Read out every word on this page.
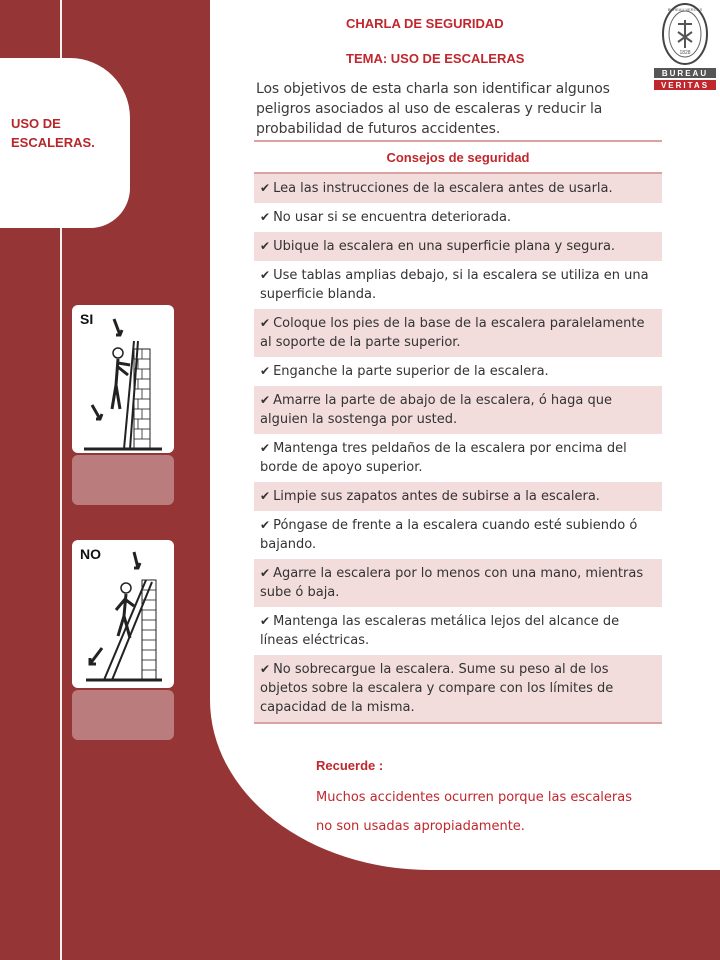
USO DE ESCALERAS.
CHARLA DE SEGURIDAD
TEMA: USO DE ESCALERAS
Los objetivos de esta charla son identificar algunos peligros asociados al uso de escaleras y reducir la probabilidad de futuros accidentes.
1828
BUREAU VERITAS
BUREAU
VERITAS
Consejos de seguridad
✔ Lea las instrucciones de la escalera antes de usarla.
✔ No usar si se encuentra deteriorada.
✔ Ubique la escalera en una superficie plana y segura.
✔ Use tablas amplias debajo, si la escalera se utiliza en una superficie blanda.
✔ Coloque los pies de la base de la escalera paralelamente al soporte de la parte superior.
✔ Enganche la parte superior de la escalera.
✔ Amarre la parte de abajo de la escalera, ó haga que alguien la sostenga por usted.
✔ Mantenga tres peldaños de la escalera por encima del borde de apoyo superior.
✔ Limpie sus zapatos antes de subirse a la escalera.
✔ Póngase de frente a la escalera cuando esté subiendo ó bajando.
✔ Agarre la escalera por lo menos con una mano, mientras sube ó baja.
✔ Mantenga las escaleras metálica lejos del alcance de líneas eléctricas.
✔ No sobrecargue la escalera. Sume su peso al de los objetos sobre la escalera y compare con los límites de capacidad de la misma.

Recuerde :
Muchos accidentes ocurren porque las escaleras no son usadas apropiadamente.
SI
NO
